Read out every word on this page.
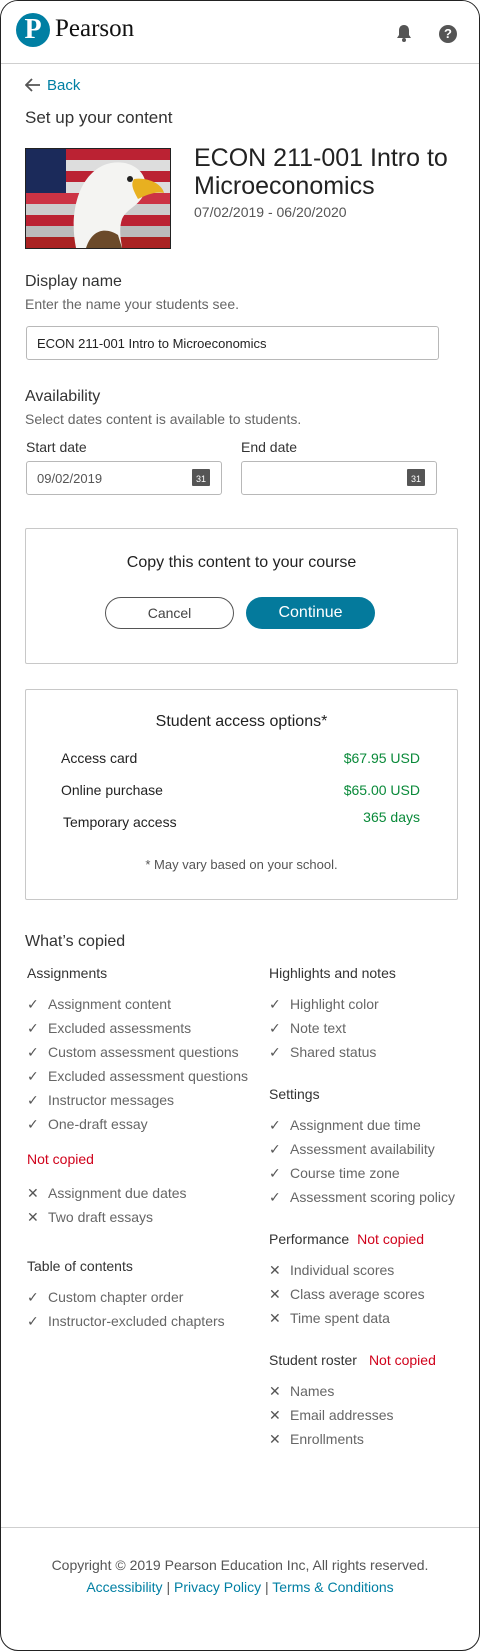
P Pearson	?
Back
Set up your content
ECON 211-001 Intro to Microeconomics
07/02/2019 - 06/20/2020
Display name
Enter the name your students see.
ECON 211-001 Intro to Microeconomics
Availability
Select dates content is available to students.
Start date	End date
09/02/2019	31	31
Copy this content to your course
Cancel	Continue
Student access options*
Access card	$67.95 USD
Online purchase	$65.00 USD
Temporary access	365 days
* May vary based on your school.
What’s copied
Assignments
✓ Assignment content
✓ Excluded assessments
✓ Custom assessment questions
✓ Excluded assessment questions
✓ Instructor messages
✓ One-draft essay
Not copied
✕ Assignment due dates
✕ Two draft essays
Table of contents
✓ Custom chapter order
✓ Instructor-excluded chapters
Highlights and notes
✓ Highlight color
✓ Note text
✓ Shared status
Settings
✓ Assignment due time
✓ Assessment availability
✓ Course time zone
✓ Assessment scoring policy
Performance Not copied
✕ Individual scores
✕ Class average scores
✕ Time spent data
Student roster Not copied
✕ Names
✕ Email addresses
✕ Enrollments
Copyright © 2019 Pearson Education Inc, All rights reserved.
Accessibility | Privacy Policy | Terms & Conditions
